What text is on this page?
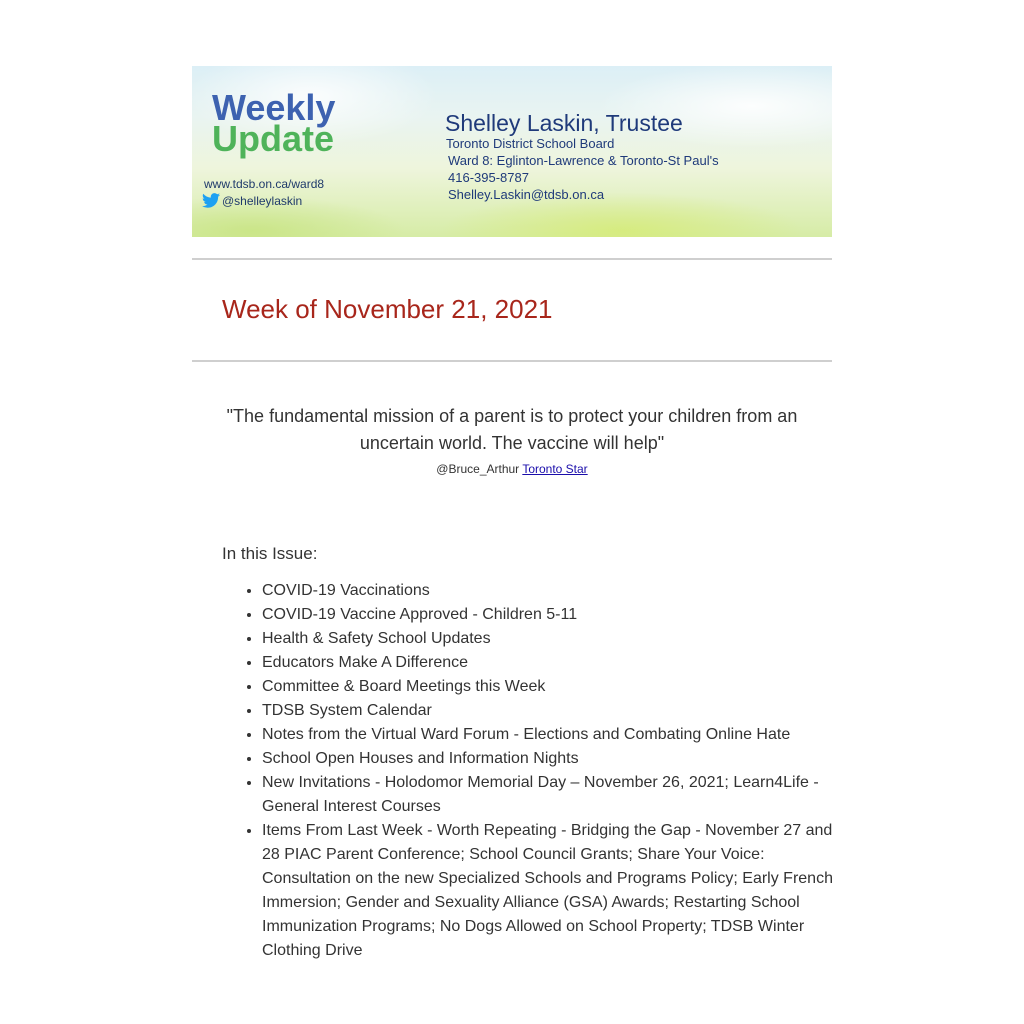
Weekly
Update
www.tdsb.on.ca/ward8
@shelleylaskin
Shelley Laskin, Trustee
Toronto District School Board
Ward 8: Eglinton-Lawrence & Toronto-St Paul's
416-395-8787
Shelley.Laskin@tdsb.on.ca
Week of November 21, 2021
"The fundamental mission of a parent is to protect your children from an uncertain world. The vaccine will help"
@Bruce_Arthur Toronto Star
In this Issue:
• COVID-19 Vaccinations
• COVID-19 Vaccine Approved - Children 5-11
• Health & Safety School Updates
• Educators Make A Difference
• Committee & Board Meetings this Week
• TDSB System Calendar
• Notes from the Virtual Ward Forum - Elections and Combating Online Hate
• School Open Houses and Information Nights
• New Invitations - Holodomor Memorial Day – November 26, 2021; Learn4Life - General Interest Courses
• Items From Last Week - Worth Repeating - Bridging the Gap - November 27 and 28 PIAC Parent Conference; School Council Grants; Share Your Voice: Consultation on the new Specialized Schools and Programs Policy; Early French Immersion; Gender and Sexuality Alliance (GSA) Awards; Restarting School Immunization Programs; No Dogs Allowed on School Property; TDSB Winter Clothing Drive
